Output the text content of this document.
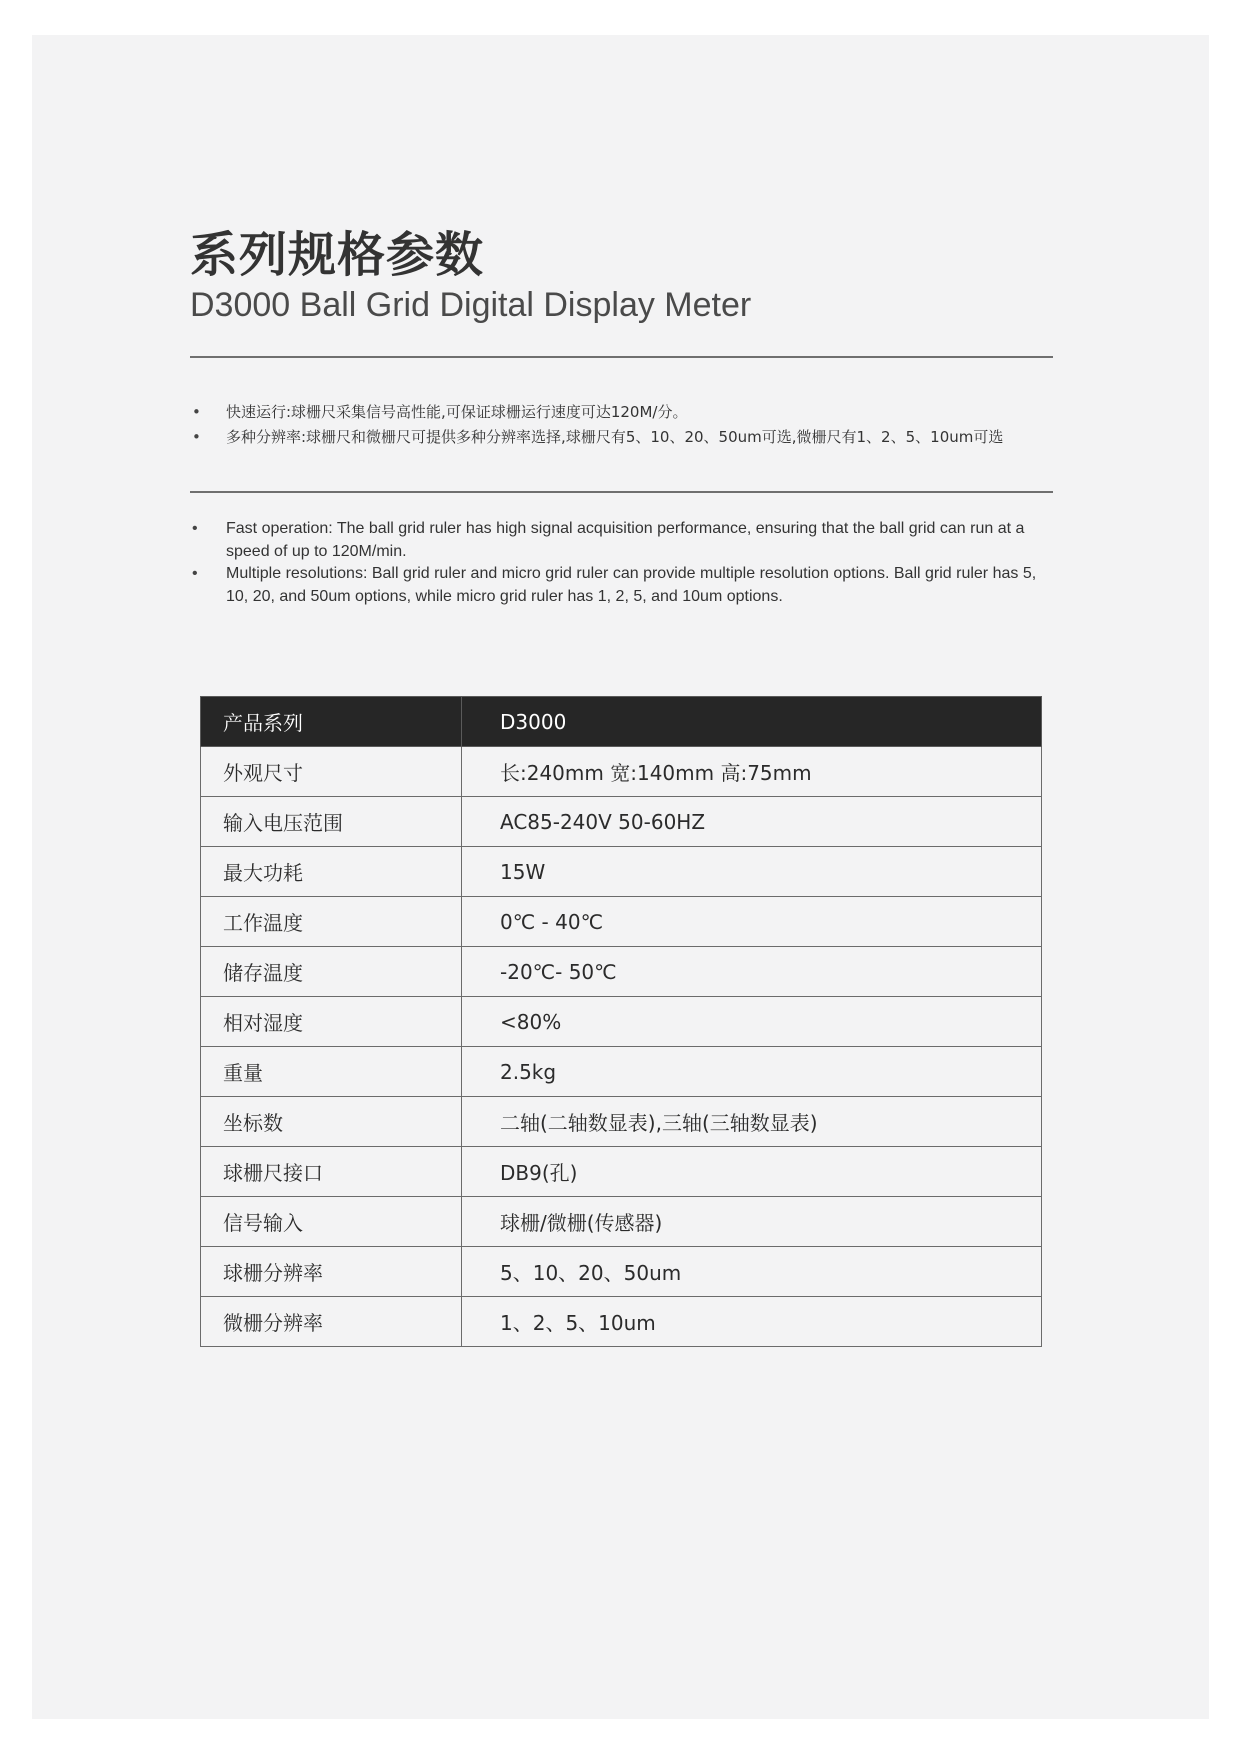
系列规格参数
D3000 Ball Grid Digital Display Meter
• 快速运行:球栅尺采集信号高性能,可保证球栅运行速度可达120M/分。
• 多种分辨率:球栅尺和微栅尺可提供多种分辨率选择,球栅尺有5、10、20、50um可选,微栅尺有1、2、5、10um可选
• Fast operation: The ball grid ruler has high signal acquisition performance, ensuring that the ball grid can run at a speed of up to 120M/min.
• Multiple resolutions: Ball grid ruler and micro grid ruler can provide multiple resolution options. Ball grid ruler has 5, 10, 20, and 50um options, while micro grid ruler has 1, 2, 5, and 10um options.
产品系列	D3000
外观尺寸	长:240mm 宽:140mm 高:75mm
输入电压范围	AC85-240V 50-60HZ
最大功耗	15W
工作温度	0℃ - 40℃
储存温度	-20℃- 50℃
相对湿度	<80%
重量	2.5kg
坐标数	二轴(二轴数显表),三轴(三轴数显表)
球栅尺接口	DB9(孔)
信号输入	球栅/微栅(传感器)
球栅分辨率	5、10、20、50um
微栅分辨率	1、2、5、10um
